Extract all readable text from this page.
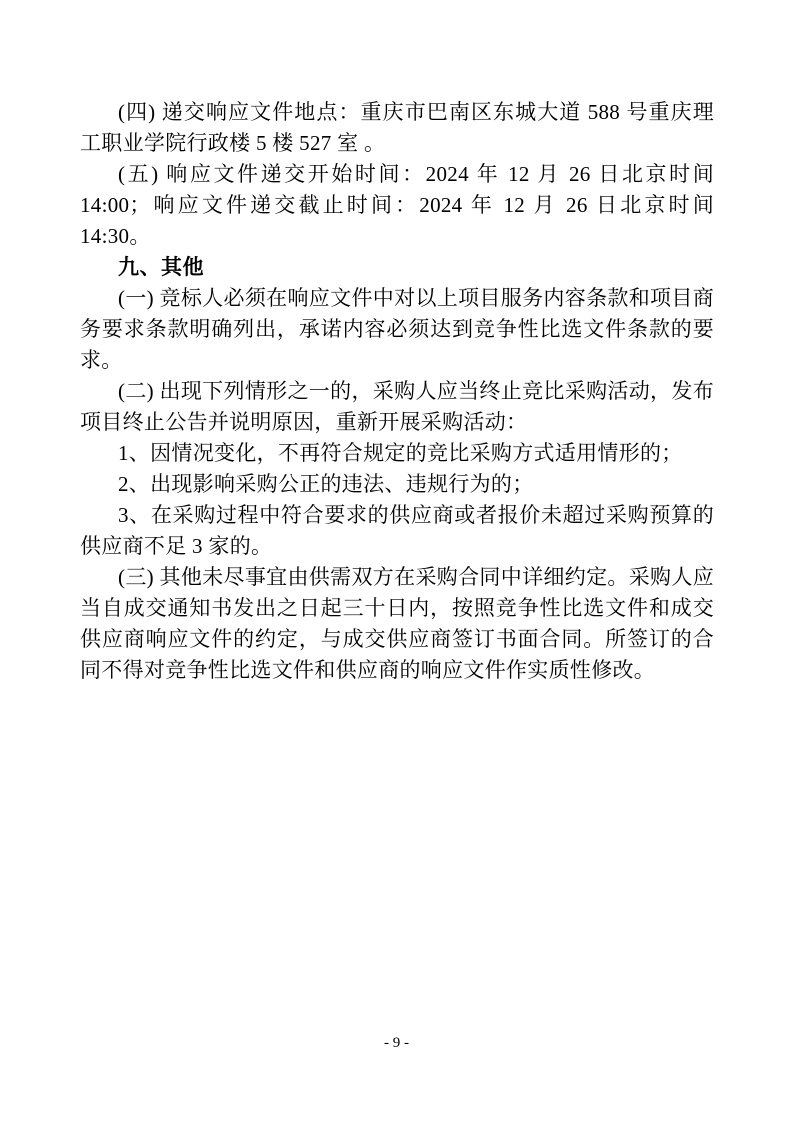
(四) 递交响应文件地点：重庆市巴南区东城大道 588 号重庆理工职业学院行政楼 5 楼 527 室 。

(五) 响应文件递交开始时间：2024 年 12 月 26 日北京时间 14:00；响应文件递交截止时间：2024 年 12 月 26 日北京时间 14:30。

九、其他

(一) 竞标人必须在响应文件中对以上项目服务内容条款和项目商务要求条款明确列出，承诺内容必须达到竞争性比选文件条款的要求。

(二) 出现下列情形之一的，采购人应当终止竞比采购活动，发布项目终止公告并说明原因，重新开展采购活动：

1、因情况变化，不再符合规定的竞比采购方式适用情形的；

2、出现影响采购公正的违法、违规行为的；

3、在采购过程中符合要求的供应商或者报价未超过采购预算的供应商不足 3 家的。

(三) 其他未尽事宜由供需双方在采购合同中详细约定。采购人应当自成交通知书发出之日起三十日内，按照竞争性比选文件和成交供应商响应文件的约定，与成交供应商签订书面合同。所签订的合同不得对竞争性比选文件和供应商的响应文件作实质性修改。

- 9 -
